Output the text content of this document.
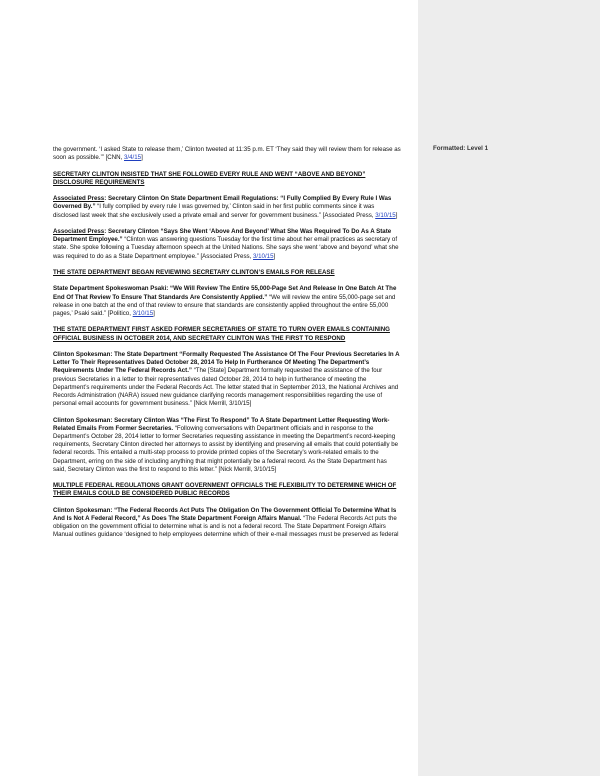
Formatted: Level 1

the government. ‘I asked State to release them,’ Clinton tweeted at 11:35 p.m. ET ‘They said they will review them for release as soon as possible.’” [CNN, 3/4/15]

SECRETARY CLINTON INSISTED THAT SHE FOLLOWED EVERY RULE AND WENT “ABOVE AND BEYOND” DISCLOSURE REQUIREMENTS

Associated Press: Secretary Clinton On State Department Email Regulations: “I Fully Complied By Every Rule I Was Governed By.” “I fully complied by every rule I was governed by,’ Clinton said in her first public comments since it was disclosed last week that she exclusively used a private email and server for government business.” [Associated Press, 3/10/15]

Associated Press: Secretary Clinton “Says She Went ‘Above And Beyond’ What She Was Required To Do As A State Department Employee.” “Clinton was answering questions Tuesday for the first time about her email practices as secretary of state. She spoke following a Tuesday afternoon speech at the United Nations. She says she went ‘above and beyond’ what she was required to do as a State Department employee.” [Associated Press, 3/10/15]

THE STATE DEPARTMENT BEGAN REVIEWING SECRETARY CLINTON’S EMAILS FOR RELEASE

State Department Spokeswoman Psaki: “We Will Review The Entire 55,000-Page Set And Release In One Batch At The End Of That Review To Ensure That Standards Are Consistently Applied.” “We will review the entire 55,000-page set and release in one batch at the end of that review to ensure that standards are consistently applied throughout the entire 55,000 pages,’ Psaki said.” [Politico, 3/10/15]

THE STATE DEPARTMENT FIRST ASKED FORMER SECRETARIES OF STATE TO TURN OVER EMAILS CONTAINING OFFICIAL BUSINESS IN OCTOBER 2014, AND SECRETARY CLINTON WAS THE FIRST TO RESPOND

Clinton Spokesman: The State Department “Formally Requested The Assistance Of The Four Previous Secretaries In A Letter To Their Representatives Dated October 28, 2014 To Help In Furtherance Of Meeting The Department’s Requirements Under The Federal Records Act.” “The [State] Department formally requested the assistance of the four previous Secretaries in a letter to their representatives dated October 28, 2014 to help in furtherance of meeting the Department’s requirements under the Federal Records Act. The letter stated that in September 2013, the National Archives and Records Administration (NARA) issued new guidance clarifying records management responsibilities regarding the use of personal email accounts for government business.” [Nick Merrill, 3/10/15]

Clinton Spokesman: Secretary Clinton Was “The First To Respond” To A State Department Letter Requesting Work-Related Emails From Former Secretaries. “Following conversations with Department officials and in response to the Department’s October 28, 2014 letter to former Secretaries requesting assistance in meeting the Department’s record-keeping requirements, Secretary Clinton directed her attorneys to assist by identifying and preserving all emails that could potentially be federal records. This entailed a multi-step process to provide printed copies of the Secretary’s work-related emails to the Department, erring on the side of including anything that might potentially be a federal record. As the State Department has said, Secretary Clinton was the first to respond to this letter.” [Nick Merrill, 3/10/15]

MULTIPLE FEDERAL REGULATIONS GRANT GOVERNMENT OFFICIALS THE FLEXIBILITY TO DETERMINE WHICH OF THEIR EMAILS COULD BE CONSIDERED PUBLIC RECORDS

Clinton Spokesman: “The Federal Records Act Puts The Obligation On The Government Official To Determine What Is And Is Not A Federal Record,” As Does The State Department Foreign Affairs Manual. “The Federal Records Act puts the obligation on the government official to determine what is and is not a federal record. The State Department Foreign Affairs Manual outlines guidance ‘designed to help employees determine which of their e-mail messages must be preserved as federal
